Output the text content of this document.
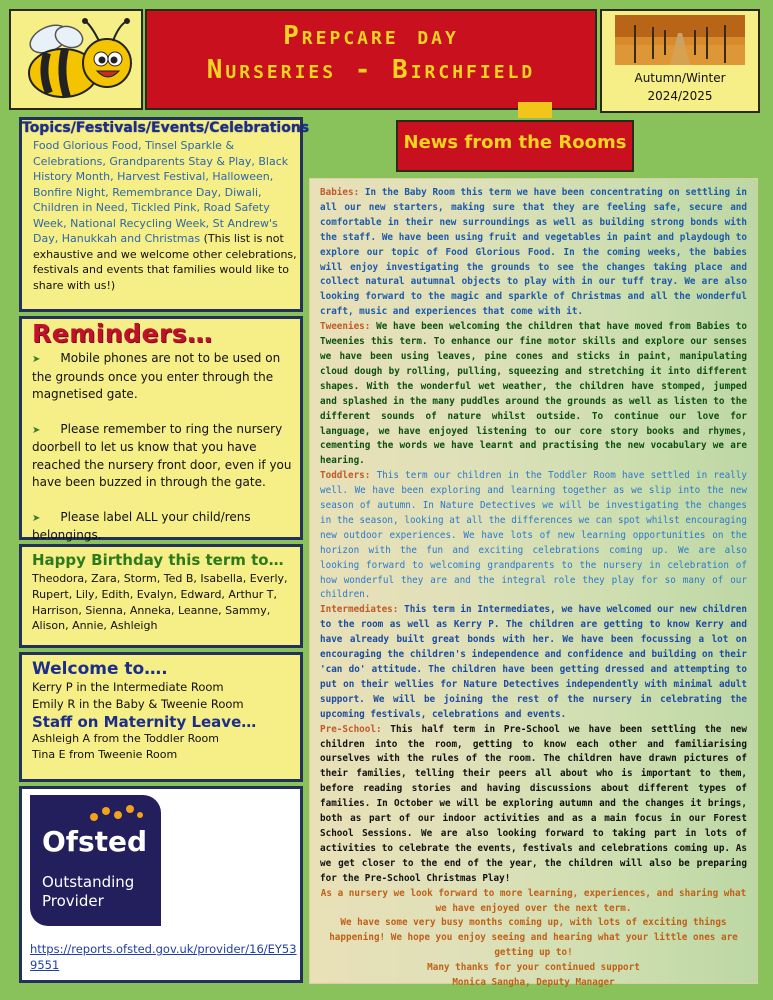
Prepcare day
Nurseries - Birchfield	Autumn/Winter
2024/2025
Topics/Festivals/Events/Celebrations

Food Glorious Food, Tinsel Sparkle & Celebrations, Grandparents Stay & Play, Black History Month, Harvest Festival, Halloween, Bonfire Night, Remembrance Day, Diwali, Children in Need, Tickled Pink, Road Safety Week, National Recycling Week, St Andrew's Day, Hanukkah and Christmas (This list is not exhaustive and we welcome other celebrations, festivals and events that families would like to share with us!)

Reminders…

➤ Mobile phones are not to be used on the grounds once you enter through the magnetised gate.

➤ Please remember to ring the nursery doorbell to let us know that you have reached the nursery front door, even if you have been buzzed in through the gate.

➤ Please label ALL your child/rens belongings.

Happy Birthday this term to…

Theodora, Zara, Storm, Ted B, Isabella, Everly, Rupert, Lily, Edith, Evalyn, Edward, Arthur T, Harrison, Sienna, Anneka, Leanne, Sammy, Alison, Annie, Ashleigh

Welcome to….
Kerry P in the Intermediate Room
Emily R in the Baby & Tweenie Room
Staff on Maternity Leave…
Ashleigh A from the Toddler Room
Tina E from Tweenie Room
Ofsted
Outstanding
Provider
https://reports.ofsted.gov.uk/provider/16/EY539551
News from the Rooms

Babies: In the Baby Room this term we have been concentrating on settling in all our new starters, making sure that they are feeling safe, secure and comfortable in their new surroundings as well as building strong bonds with the staff. We have been using fruit and vegetables in paint and playdough to explore our topic of Food Glorious Food. In the coming weeks, the babies will enjoy investigating the grounds to see the changes taking place and collect natural autumnal objects to play with in our tuff tray. We are also looking forward to the magic and sparkle of Christmas and all the wonderful craft, music and experiences that come with it.

Tweenies: We have been welcoming the children that have moved from Babies to Tweenies this term. To enhance our fine motor skills and explore our senses we have been using leaves, pine cones and sticks in paint, manipulating cloud dough by rolling, pulling, squeezing and stretching it into different shapes. With the wonderful wet weather, the children have stomped, jumped and splashed in the many puddles around the grounds as well as listen to the different sounds of nature whilst outside. To continue our love for language, we have enjoyed listening to our core story books and rhymes, cementing the words we have learnt and practising the new vocabulary we are hearing.

Toddlers: This term our children in the Toddler Room have settled in really well. We have been exploring and learning together as we slip into the new season of autumn. In Nature Detectives we will be investigating the changes in the season, looking at all the differences we can spot whilst encouraging new outdoor experiences. We have lots of new learning opportunities on the horizon with the fun and exciting celebrations coming up. We are also looking forward to welcoming grandparents to the nursery in celebration of how wonderful they are and the integral role they play for so many of our children.

Intermediates: This term in Intermediates, we have welcomed our new children to the room as well as Kerry P. The children are getting to know Kerry and have already built great bonds with her. We have been focussing a lot on encouraging the children's independence and confidence and building on their 'can do' attitude. The children have been getting dressed and attempting to put on their wellies for Nature Detectives independently with minimal adult support. We will be joining the rest of the nursery in celebrating the upcoming festivals, celebrations and events.

Pre-School: This half term in Pre-School we have been settling the new children into the room, getting to know each other and familiarising ourselves with the rules of the room. The children have drawn pictures of their families, telling their peers all about who is important to them, before reading stories and having discussions about different types of families. In October we will be exploring autumn and the changes it brings, both as part of our indoor activities and as a main focus in our Forest School Sessions. We are also looking forward to taking part in lots of activities to celebrate the events, festivals and celebrations coming up. As we get closer to the end of the year, the children will also be preparing for the Pre-School Christmas Play!

As a nursery we look forward to more learning, experiences, and sharing what we have enjoyed over the next term.

We have some very busy months coming up, with lots of exciting things happening! We hope you enjoy seeing and hearing what your little ones are getting up to!

Many thanks for your continued support

Monica Sangha, Deputy Manager
